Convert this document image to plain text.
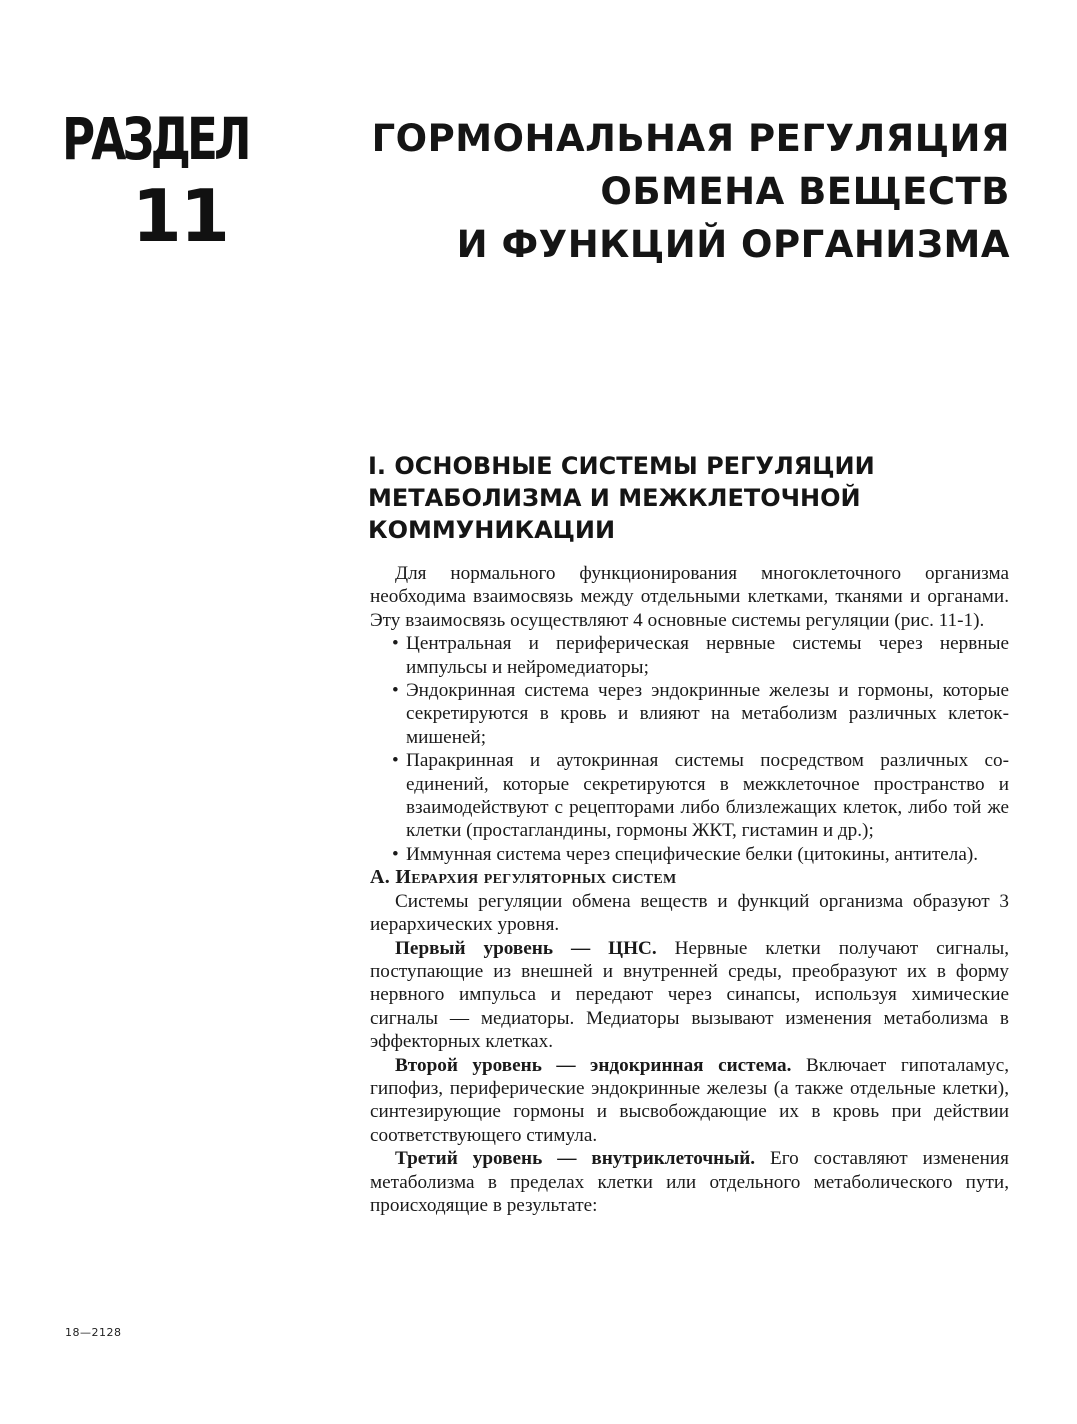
РАЗДЕЛ
11
ГОРМОНАЛЬНАЯ РЕГУЛЯЦИЯ
ОБМЕНА ВЕЩЕСТВ
И ФУНКЦИЙ ОРГАНИЗМА
I. ОСНОВНЫЕ СИСТЕМЫ РЕГУЛЯЦИИ
МЕТАБОЛИЗМА И МЕЖКЛЕТОЧНОЙ
КОММУНИКАЦИИ

Для нормального функционирования многоклеточного организма необходима взаимосвязь между отдельными клетками, тканями и органами. Эту взаимосвязь осуществляют 4 основные системы регуляции (рис. 11-1).

• Центральная и периферическая нервные системы через нервные импульсы и нейромедиаторы;
• Эндокринная система через эндокринные железы и гормоны, которые секретируются в кровь и влияют на метаболизм различных клеток-мишеней;
• Паракринная и аутокринная системы посредством различных соединений, которые секретируются в межклеточное пространство и взаимодействуют с рецепторами либо близлежащих клеток, либо той же клетки (простагландины, гормоны ЖКТ, гистамин и др.);
• Иммунная система через специфические белки (цитокины, антитела).

А. Иерархия регуляторных систем

Системы регуляции обмена веществ и функций организма образуют 3 иерархических уровня.

Первый уровень — ЦНС. Нервные клетки получают сигналы, поступающие из внешней и внутренней среды, преобразуют их в форму нервного импульса и передают через синапсы, используя химические сигналы — медиаторы. Медиаторы вызывают изменения метаболизма в эффекторных клетках.

Второй уровень — эндокринная система. Включает гипоталамус, гипофиз, периферические эндокринные железы (а также отдельные клетки), синтезирующие гормоны и высвобождающие их в кровь при действии соответствующего стимула.

Третий уровень — внутриклеточный. Его составляют изменения метаболизма в пределах клетки или отдельного метаболического пути, происходящие в результате:

18—2128
